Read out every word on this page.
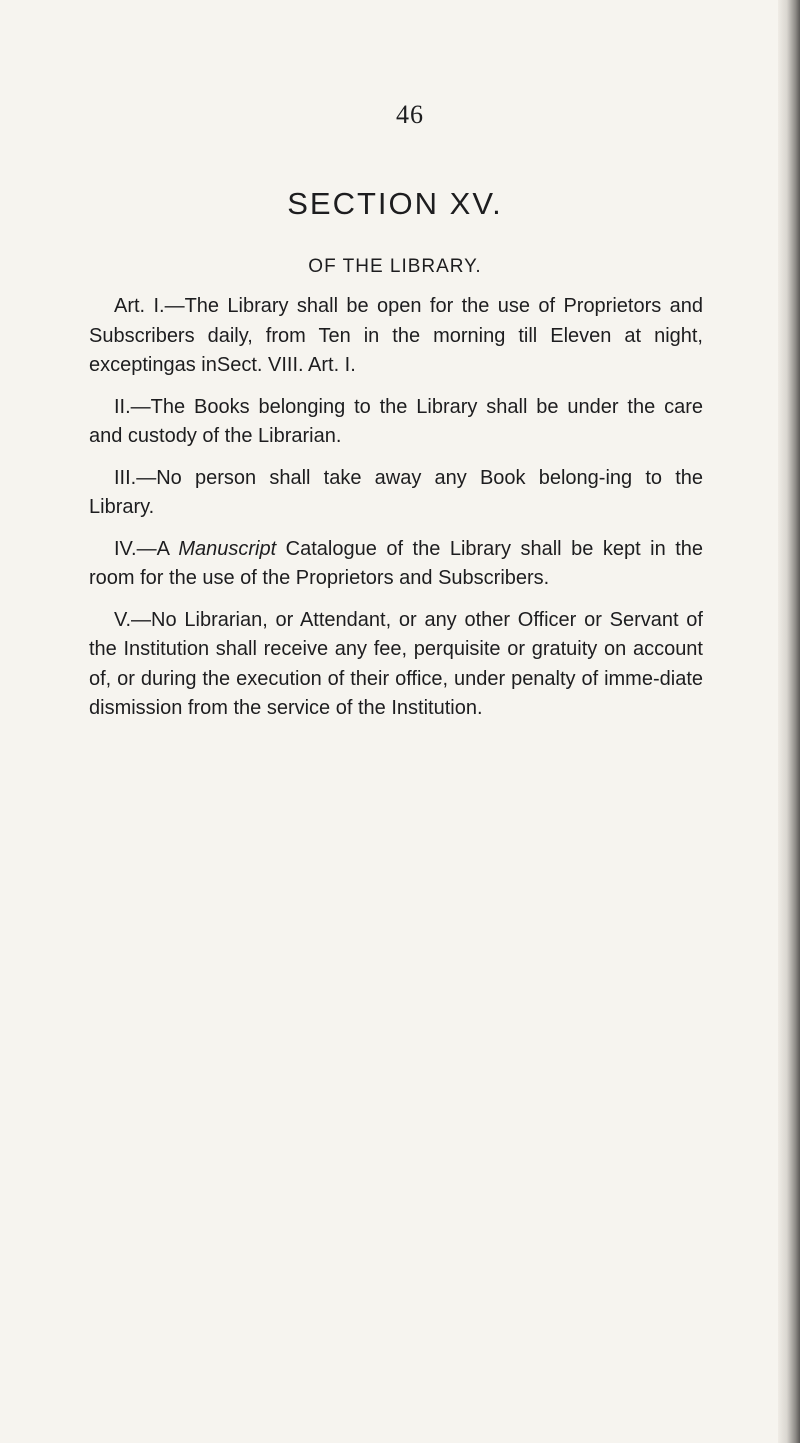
46
SECTION XV.
OF THE LIBRARY.

Art. I.—The Library shall be open for the use of Proprietors and Subscribers daily, from Ten in the morning till Eleven at night, exceptingas inSect. VIII. Art. I.

II.—The Books belonging to the Library shall be under the care and custody of the Librarian.

III.—No person shall take away any Book belong-ing to the Library.

IV.—A Manuscript Catalogue of the Library shall be kept in the room for the use of the Proprietors and Subscribers.

V.—No Librarian, or Attendant, or any other Officer or Servant of the Institution shall receive any fee, perquisite or gratuity on account of, or during the execution of their office, under penalty of imme-diate dismission from the service of the Institution.
